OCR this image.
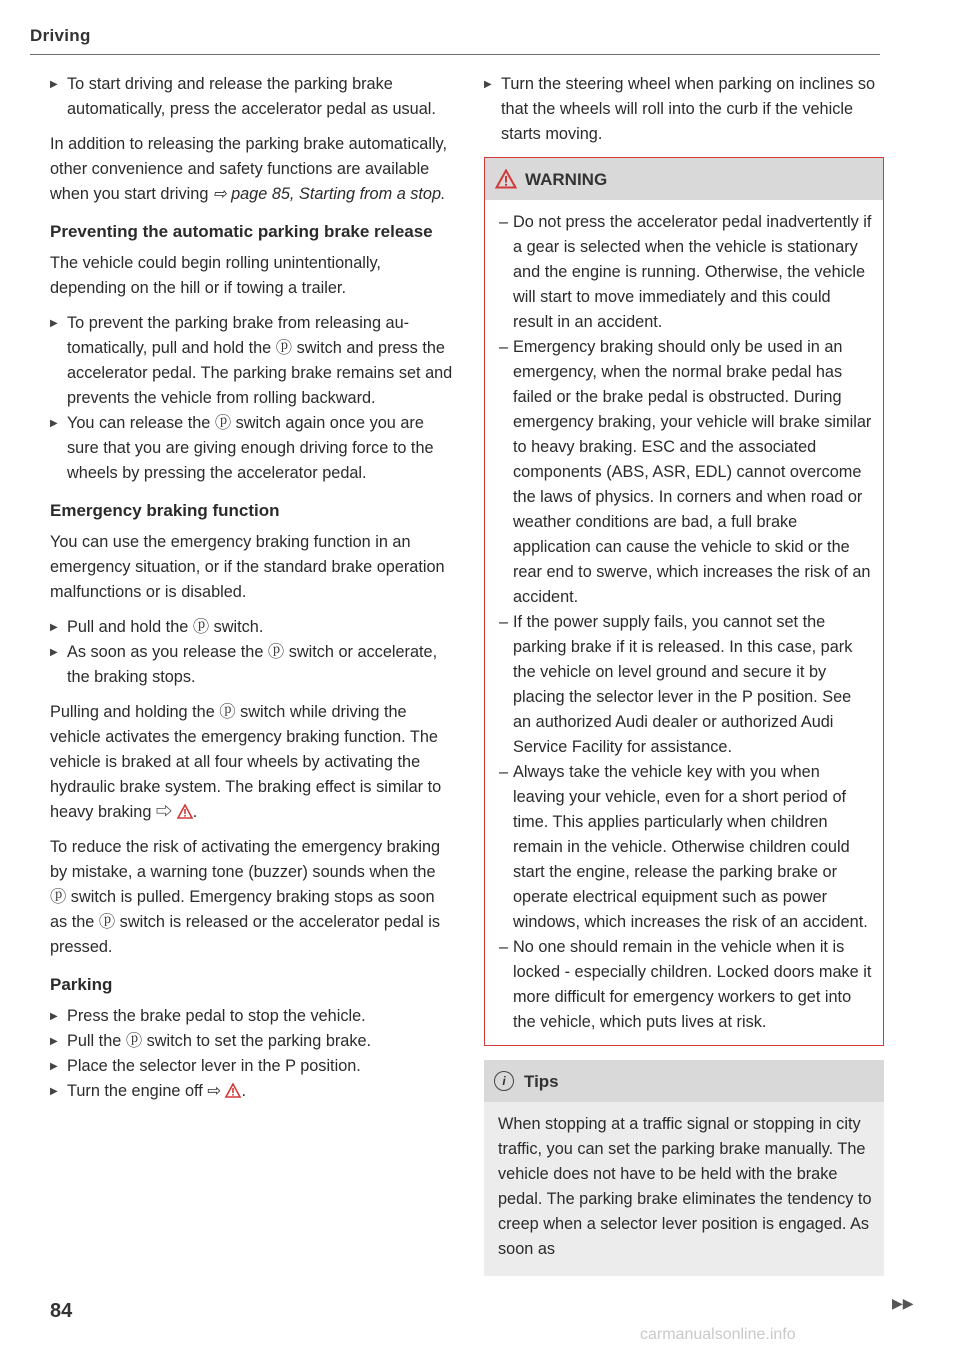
Driving
▶ To start driving and release the parking brake automatically, press the accelerator pedal as usual.

In addition to releasing the parking brake automatically, other convenience and safety functions are available when you start driving ⇨ page 85, Starting from a stop.

Preventing the automatic parking brake release

The vehicle could begin rolling unintentionally, depending on the hill or if towing a trailer.

▶ To prevent the parking brake from releasing automatically, pull and hold the ⓟ switch and press the accelerator pedal. The parking brake remains set and prevents the vehicle from rolling backward.
▶ You can release the ⓟ switch again once you are sure that you are giving enough driving force to the wheels by pressing the accelerator pedal.
Emergency braking function

You can use the emergency braking function in an emergency situation, or if the standard brake operation malfunctions or is disabled.

▶ Pull and hold the ⓟ switch.
▶ As soon as you release the ⓟ switch or accelerate, the braking stops.

Pulling and holding the ⓟ switch while driving the vehicle activates the emergency braking function. The vehicle is braked at all four wheels by activating the hydraulic brake system. The braking effect is similar to heavy braking ⇨ .

To reduce the risk of activating the emergency braking by mistake, a warning tone (buzzer) sounds when the ⓟ switch is pulled. Emergency braking stops as soon as the ⓟ switch is released or the accelerator pedal is pressed.

Parking
▶ Press the brake pedal to stop the vehicle.
▶ Pull the ⓟ switch to set the parking brake.
▶ Place the selector lever in the P position.
▶ Turn the engine off ⇨ .
▶ Turn the steering wheel when parking on inclines so that the wheels will roll into the curb if the vehicle starts moving.
WARNING
– Do not press the accelerator pedal inadvertently if a gear is selected when the vehicle is stationary and the engine is running. Otherwise, the vehicle will start to move immediately and this could result in an accident.
– Emergency braking should only be used in an emergency, when the normal brake pedal has failed or the brake pedal is obstructed. During emergency braking, your vehicle will brake similar to heavy braking. ESC and the associated components (ABS, ASR, EDL) cannot overcome the laws of physics. In corners and when road or weather conditions are bad, a full brake application can cause the vehicle to skid or the rear end to swerve, which increases the risk of an accident.
– If the power supply fails, you cannot set the parking brake if it is released. In this case, park the vehicle on level ground and secure it by placing the selector lever in the P position. See an authorized Audi dealer or authorized Audi Service Facility for assistance.
– Always take the vehicle key with you when leaving your vehicle, even for a short period of time. This applies particularly when children remain in the vehicle. Otherwise children could start the engine, release the parking brake or operate electrical equipment such as power windows, which increases the risk of an accident.
– No one should remain in the vehicle when it is locked - especially children. Locked doors make it more difficult for emergency workers to get into the vehicle, which puts lives at risk.
i	Tips

When stopping at a traffic signal or stopping in city traffic, you can set the parking brake manually. The vehicle does not have to be held with the brake pedal. The parking brake eliminates the tendency to creep when a selector lever position is engaged. As soon as

▶▶
84
carmanualsonline.info
